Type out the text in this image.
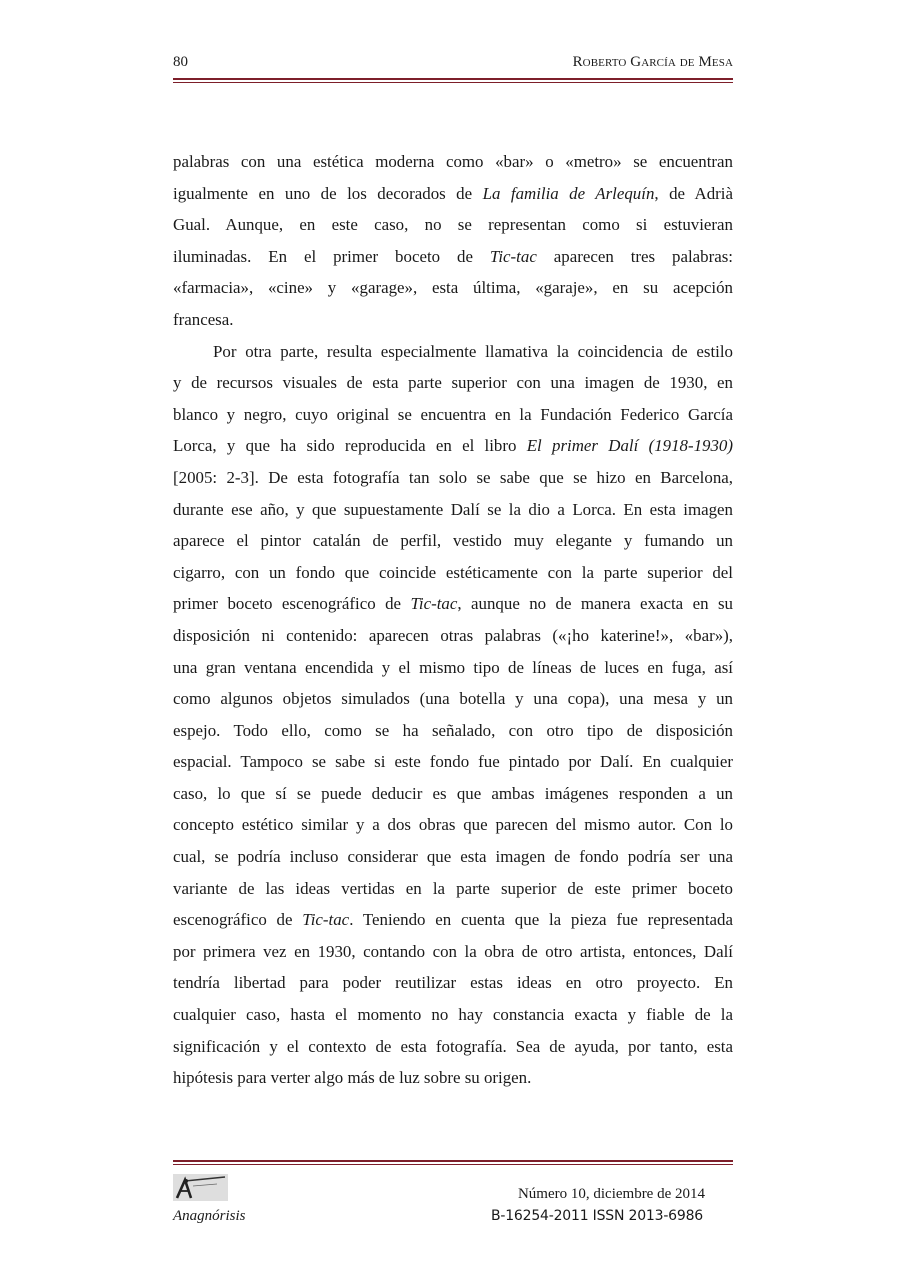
80	Roberto García de Mesa
palabras con una estética moderna como «bar» o «metro» se encuentran
igualmente en uno de los decorados de La familia de Arlequín, de Adrià
Gual. Aunque, en este caso, no se representan como si estuvieran
iluminadas. En el primer boceto de Tic-tac aparecen tres palabras:
«farmacia», «cine» y «garage», esta última, «garaje», en su acepción
francesa.
Por otra parte, resulta especialmente llamativa la coincidencia de estilo
y de recursos visuales de esta parte superior con una imagen de 1930, en
blanco y negro, cuyo original se encuentra en la Fundación Federico García
Lorca, y que ha sido reproducida en el libro El primer Dalí (1918-1930)
[2005: 2-3]. De esta fotografía tan solo se sabe que se hizo en Barcelona,
durante ese año, y que supuestamente Dalí se la dio a Lorca. En esta imagen
aparece el pintor catalán de perfil, vestido muy elegante y fumando un
cigarro, con un fondo que coincide estéticamente con la parte superior del
primer boceto escenográfico de Tic-tac, aunque no de manera exacta en su
disposición ni contenido: aparecen otras palabras («¡ho katerine!», «bar»),
una gran ventana encendida y el mismo tipo de líneas de luces en fuga, así
como algunos objetos simulados (una botella y una copa), una mesa y un
espejo. Todo ello, como se ha señalado, con otro tipo de disposición
espacial. Tampoco se sabe si este fondo fue pintado por Dalí. En cualquier
caso, lo que sí se puede deducir es que ambas imágenes responden a un
concepto estético similar y a dos obras que parecen del mismo autor. Con lo
cual, se podría incluso considerar que esta imagen de fondo podría ser una
variante de las ideas vertidas en la parte superior de este primer boceto
escenográfico de Tic-tac. Teniendo en cuenta que la pieza fue representada
por primera vez en 1930, contando con la obra de otro artista, entonces, Dalí
tendría libertad para poder reutilizar estas ideas en otro proyecto. En
cualquier caso, hasta el momento no hay constancia exacta y fiable de la
significación y el contexto de esta fotografía. Sea de ayuda, por tanto, esta
hipótesis para verter algo más de luz sobre su origen.
Anagnórisis
Número 10, diciembre de 2014
B-16254-2011 ISSN 2013-6986
